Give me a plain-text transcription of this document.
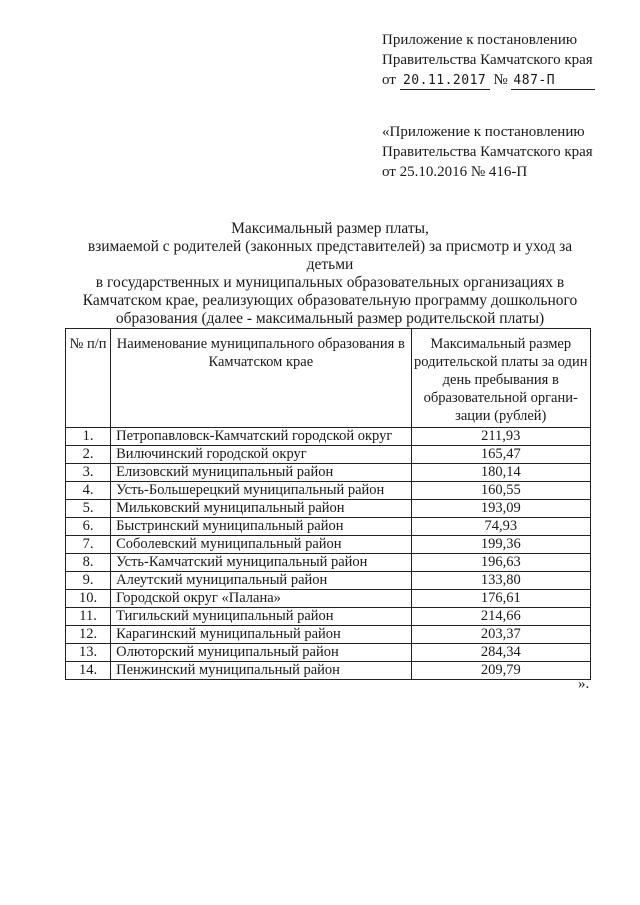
Приложение к постановлению
Правительства Камчатского края
от 20.11.2017 № 487-П
«Приложение к постановлению
Правительства Камчатского края
от 25.10.2016 № 416-П
Максимальный размер платы,
взимаемой с родителей (законных представителей) за присмотр и уход за детьми
в государственных и муниципальных образовательных организациях в
Камчатском крае, реализующих образовательную программу дошкольного
образования (далее - максимальный размер родительской платы)
№ п/п	Наименование муниципального образования в Камчатском крае	Максимальный размер родительской платы за один день пребывания в образовательной органи-зации (рублей)
1.	Петропавловск-Камчатский городской округ	211,93
2.	Вилючинский городской округ	165,47
3.	Елизовский муниципальный район	180,14
4.	Усть-Большерецкий муниципальный район	160,55
5.	Мильковский муниципальный район	193,09
6.	Быстринский муниципальный район	74,93
7.	Соболевский муниципальный район	199,36
8.	Усть-Камчатский муниципальный район	196,63
9.	Алеутский муниципальный район	133,80
10.	Городской округ «Палана»	176,61
11.	Тигильский муниципальный район	214,66
12.	Карагинский муниципальный район	203,37
13.	Олюторский муниципальный район	284,34
14.	Пенжинский муниципальный район	209,79
».
